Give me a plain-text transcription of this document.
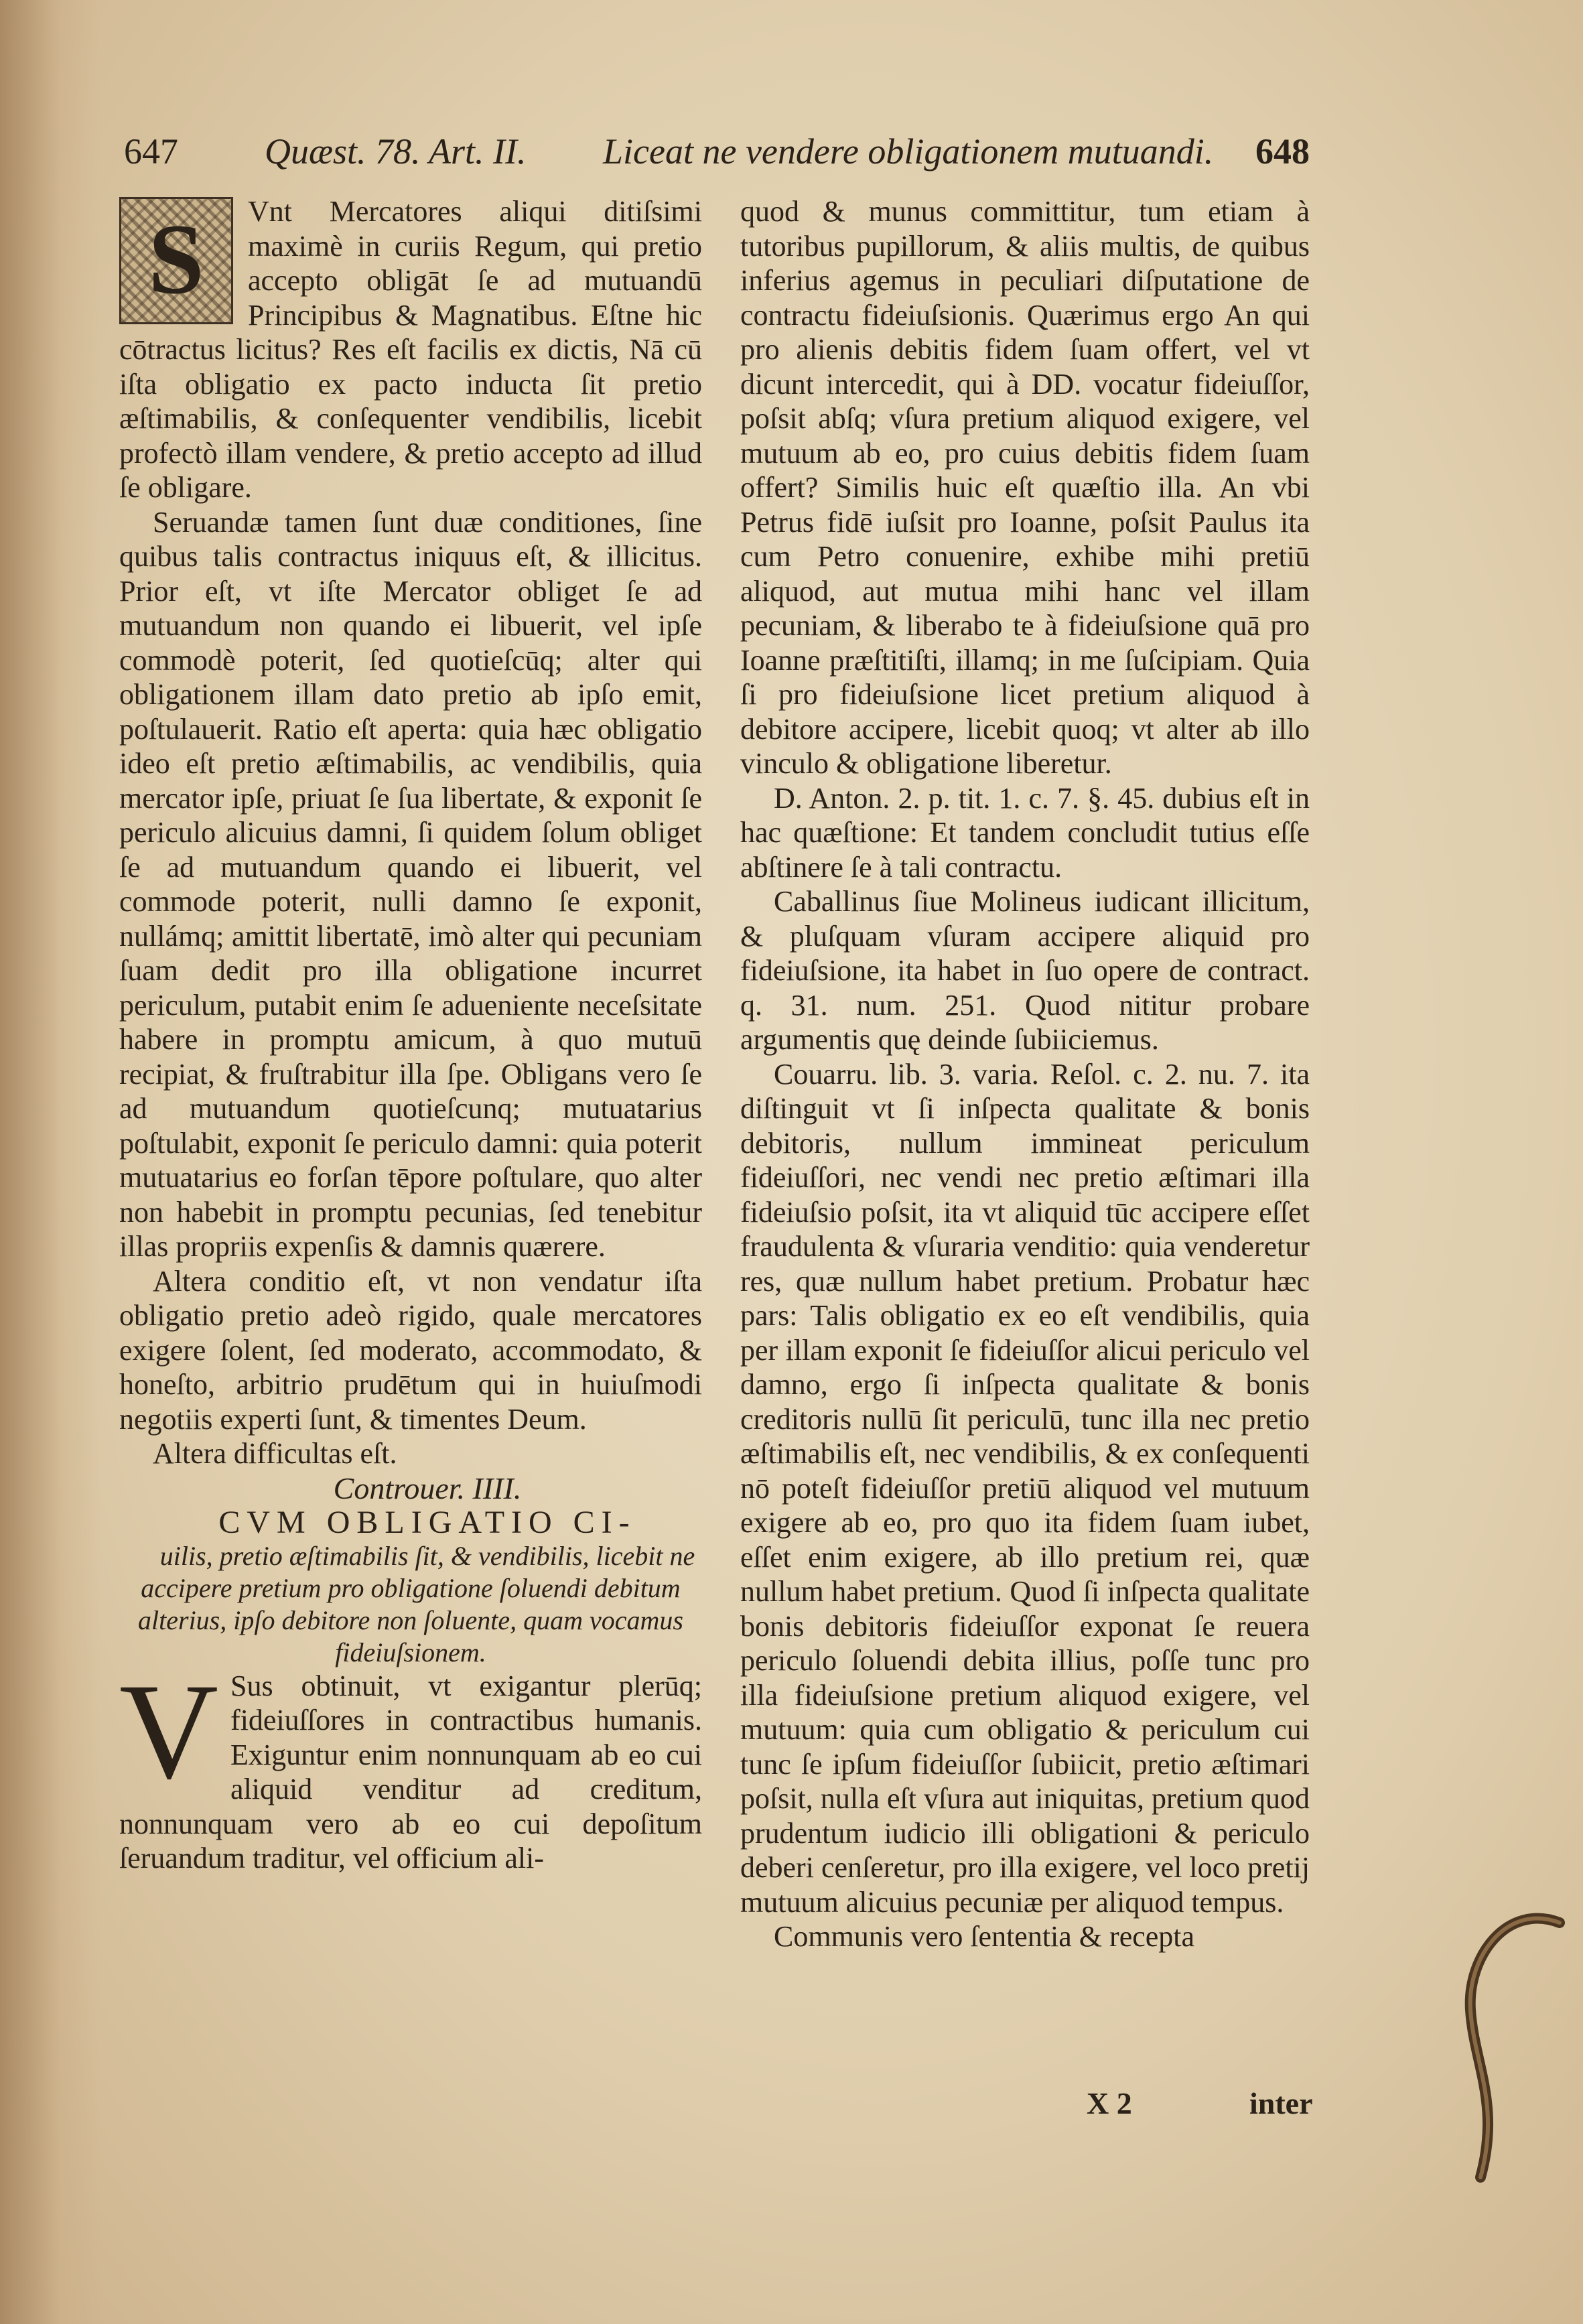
647 Quæst. 78. Art. II. Liceat ne vendere obligationem mutuandi. 648
S	Vnt Mercatores aliqui ditiſsimi maximè in curiis Regum, qui pretio accepto obligāt ſe ad mutuandū Principibus & Magnatibus. Eſtne hic cōtractus licitus? Res eſt facilis ex dictis, Nā cū iſta obligatio ex pacto inducta ſit pretio æſtimabilis, & conſequenter vendibilis, licebit profectò illam vendere, & pretio accepto ad illud ſe obligare.

Seruandæ tamen ſunt duæ conditiones, ſine quibus talis contractus iniquus eſt, & illicitus. Prior eſt, vt iſte Mercator obliget ſe ad mutuandum non quando ei libuerit, vel ipſe commodè poterit, ſed quotieſcūq; alter qui obligationem illam dato pretio ab ipſo emit, poſtulauerit. Ratio eſt aperta: quia hæc obligatio ideo eſt pretio æſtimabilis, ac vendibilis, quia mercator ipſe, priuat ſe ſua libertate, & exponit ſe periculo alicuius damni, ſi quidem ſolum obliget ſe ad mutuandum quando ei libuerit, vel commode poterit, nulli damno ſe exponit, nullámq; amittit libertatē, imò alter qui pecuniam ſuam dedit pro illa obligatione incurret periculum, putabit enim ſe adueniente neceſsitate habere in promptu amicum, à quo mutuū recipiat, & fruſtrabitur illa ſpe. Obligans vero ſe ad mutuandum quotieſcunq; mutuatarius poſtulabit, exponit ſe periculo damni: quia poterit mutuatarius eo forſan tēpore poſtulare, quo alter non habebit in promptu pecunias, ſed tenebitur illas propriis expenſis & damnis quærere.

Altera conditio eſt, vt non vendatur iſta obligatio pretio adeò rigido, quale mercatores exigere ſolent, ſed moderato, accommodato, & honeſto, arbitrio prudētum qui in huiuſmodi negotiis experti ſunt, & timentes Deum.

Altera difficultas eſt.

Controuer. IIII.

CVM OBLIGATIO CI-

uilis, pretio æſtimabilis ſit, & vendibilis, licebit ne accipere pretium pro obligatione ſoluendi debitum alterius, ipſo debitore non ſoluente, quam vocamus fideiuſsionem.

V Sus obtinuit, vt exigantur plerūq; fideiuſſores in contractibus humanis. Exiguntur enim nonnunquam ab eo cui aliquid venditur ad creditum, nonnunquam vero ab eo cui depoſitum ſeruandum traditur, vel officium ali-

quod & munus committitur, tum etiam à tutoribus pupillorum, & aliis multis, de quibus inferius agemus in peculiari diſputatione de contractu fideiuſsionis. Quærimus ergo An qui pro alienis debitis fidem ſuam offert, vel vt dicunt intercedit, qui à DD. vocatur fideiuſſor, poſsit abſq; vſura pretium aliquod exigere, vel mutuum ab eo, pro cuius debitis fidem ſuam offert? Similis huic eſt quæſtio illa. An vbi Petrus fidē iuſsit pro Ioanne, poſsit Paulus ita cum Petro conuenire, exhibe mihi pretiū aliquod, aut mutua mihi hanc vel illam pecuniam, & liberabo te à fideiuſsione quā pro Ioanne præſtitiſti, illamq; in me ſuſcipiam. Quia ſi pro fideiuſsione licet pretium aliquod à debitore accipere, licebit quoq; vt alter ab illo vinculo & obligatione liberetur.

D. Anton. 2. p. tit. 1. c. 7. §. 45. dubius eſt in hac quæſtione: Et tandem concludit tutius eſſe abſtinere ſe à tali contractu.

Caballinus ſiue Molineus iudicant illicitum, & pluſquam vſuram accipere aliquid pro fideiuſsione, ita habet in ſuo opere de contract. q. 31. num. 251. Quod nititur probare argumentis quę deinde ſubiiciemus.

Couarru. lib. 3. varia. Reſol. c. 2. nu. 7. ita diſtinguit vt ſi inſpecta qualitate & bonis debitoris, nullum immineat periculum fideiuſſori, nec vendi nec pretio æſtimari illa fideiuſsio poſsit, ita vt aliquid tūc accipere eſſet fraudulenta & vſuraria venditio: quia venderetur res, quæ nullum habet pretium. Probatur hæc pars: Talis obligatio ex eo eſt vendibilis, quia per illam exponit ſe fideiuſſor alicui periculo vel damno, ergo ſi inſpecta qualitate & bonis creditoris nullū ſit periculū, tunc illa nec pretio æſtimabilis eſt, nec vendibilis, & ex conſequenti nō poteſt fideiuſſor pretiū aliquod vel mutuum exigere ab eo, pro quo ita fidem ſuam iubet, eſſet enim exigere, ab illo pretium rei, quæ nullum habet pretium. Quod ſi inſpecta qualitate bonis debitoris fideiuſſor exponat ſe reuera periculo ſoluendi debita illius, poſſe tunc pro illa fideiuſsione pretium aliquod exigere, vel mutuum: quia cum obligatio & periculum cui tunc ſe ipſum fideiuſſor ſubiicit, pretio æſtimari poſsit, nulla eſt vſura aut iniquitas, pretium quod prudentum iudicio illi obligationi & periculo deberi cenſeretur, pro illa exigere, vel loco pretij mutuum alicuius pecuniæ per aliquod tempus.

Communis vero ſententia & recepta

X 2	inter
